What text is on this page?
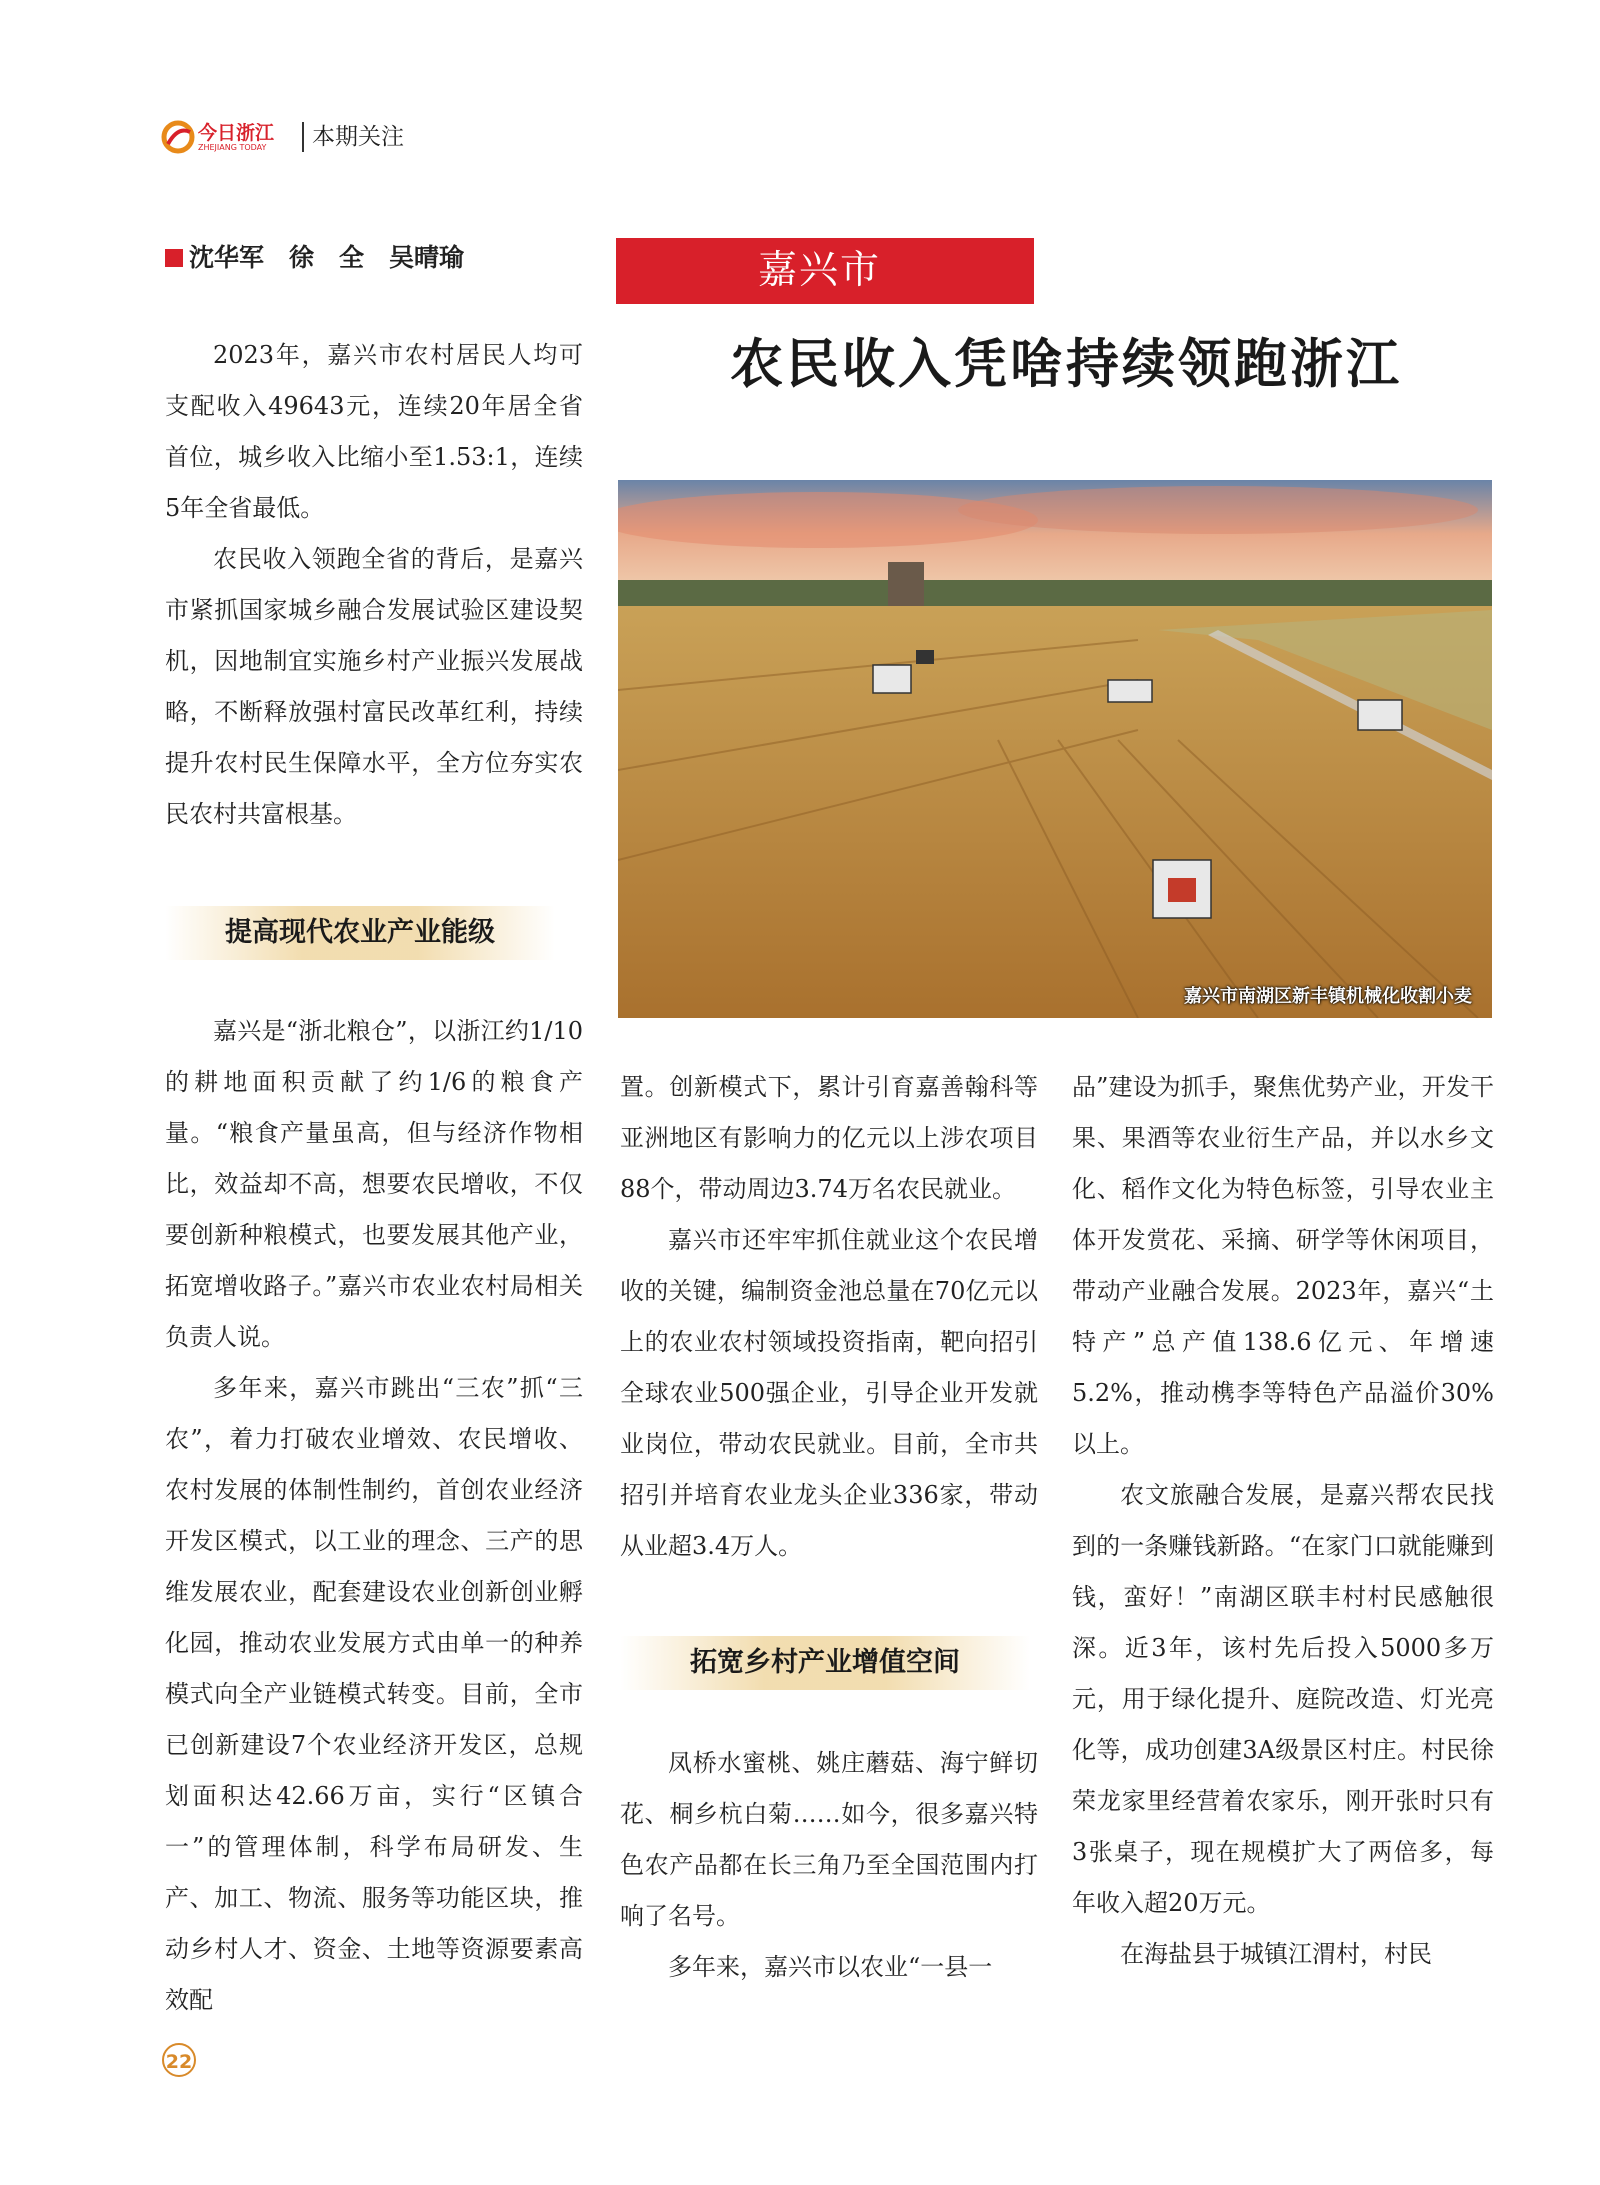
今日浙江
ZHEJIANG TODAY	本期关注
沈华军　徐　全　吴晴瑜	嘉兴市
农民收入凭啥持续领跑浙江
嘉兴市南湖区新丰镇机械化收割小麦

2023年，嘉兴市农村居民人均可支配收入49643元，连续20年居全省首位，城乡收入比缩小至1.53:1，连续5年全省最低。

农民收入领跑全省的背后，是嘉兴市紧抓国家城乡融合发展试验区建设契机，因地制宜实施乡村产业振兴发展战略，不断释放强村富民改革红利，持续提升农村民生保障水平，全方位夯实农民农村共富根基。

提高现代农业产业能级

嘉兴是“浙北粮仓”，以浙江约1/10的耕地面积贡献了约1/6的粮食产量。“粮食产量虽高，但与经济作物相比，效益却不高，想要农民增收，不仅要创新种粮模式，也要发展其他产业，拓宽增收路子。”嘉兴市农业农村局相关负责人说。

多年来，嘉兴市跳出“三农”抓“三农”，着力打破农业增效、农民增收、农村发展的体制性制约，首创农业经济开发区模式，以工业的理念、三产的思维发展农业，配套建设农业创新创业孵化园，推动农业发展方式由单一的种养模式向全产业链模式转变。目前，全市已创新建设7个农业经济开发区，总规划面积达42.66万亩，实行“区镇合一”的管理体制，科学布局研发、生产、加工、物流、服务等功能区块，推动乡村人才、资金、土地等资源要素高效配

置。创新模式下，累计引育嘉善翰科等亚洲地区有影响力的亿元以上涉农项目88个，带动周边3.74万名农民就业。

嘉兴市还牢牢抓住就业这个农民增收的关键，编制资金池总量在70亿元以上的农业农村领域投资指南，靶向招引全球农业500强企业，引导企业开发就业岗位，带动农民就业。目前，全市共招引并培育农业龙头企业336家，带动从业超3.4万人。

拓宽乡村产业增值空间

凤桥水蜜桃、姚庄蘑菇、海宁鲜切花、桐乡杭白菊……如今，很多嘉兴特色农产品都在长三角乃至全国范围内打响了名号。

多年来，嘉兴市以农业“一县一

品”建设为抓手，聚焦优势产业，开发干果、果酒等农业衍生产品，并以水乡文化、稻作文化为特色标签，引导农业主体开发赏花、采摘、研学等休闲项目，带动产业融合发展。2023年，嘉兴“土特产”总产值138.6亿元、年增速5.2%，推动槜李等特色产品溢价30%以上。

农文旅融合发展，是嘉兴帮农民找到的一条赚钱新路。“在家门口就能赚到钱，蛮好！”南湖区联丰村村民感触很深。近3年，该村先后投入5000多万元，用于绿化提升、庭院改造、灯光亮化等，成功创建3A级景区村庄。村民徐荣龙家里经营着农家乐，刚开张时只有3张桌子，现在规模扩大了两倍多，每年收入超20万元。

在海盐县于城镇江渭村，村民

22
